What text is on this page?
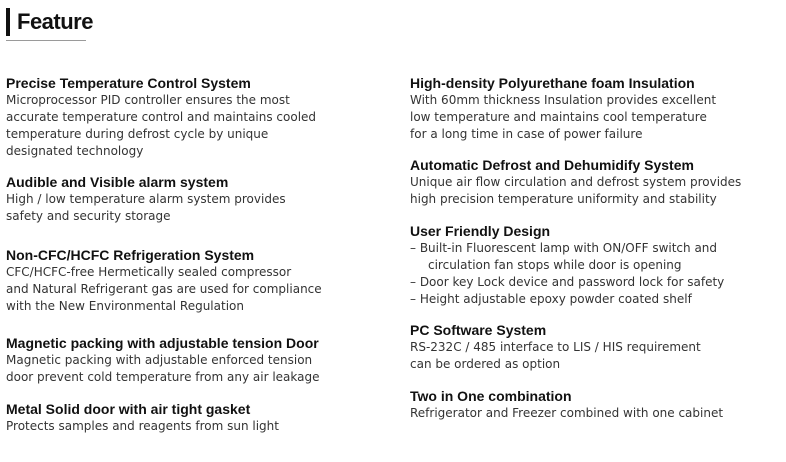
Feature
Precise Temperature Control System
Microprocessor PID controller ensures the most
accurate temperature control and maintains cooled
temperature during defrost cycle by unique
designated technology
Audible and Visible alarm system
High / low temperature alarm system provides
safety and security storage
Non-CFC/HCFC Refrigeration System
CFC/HCFC-free Hermetically sealed compressor
and Natural Refrigerant gas are used for compliance
with the New Environmental Regulation
Magnetic packing with adjustable tension Door
Magnetic packing with adjustable enforced tension
door prevent cold temperature from any air leakage
Metal Solid door with air tight gasket
Protects samples and reagents from sun light
High-density Polyurethane foam Insulation
With 60mm thickness Insulation provides excellent
low temperature and maintains cool temperature
for a long time in case of power failure
Automatic Defrost and Dehumidify System
Unique air flow circulation and defrost system provides
high precision temperature uniformity and stability
User Friendly Design
– Built-in Fluorescent lamp with ON/OFF switch and
circulation fan stops while door is opening
– Door key Lock device and password lock for safety
– Height adjustable epoxy powder coated shelf
PC Software System
RS-232C / 485 interface to LIS / HIS requirement
can be ordered as option
Two in One combination
Refrigerator and Freezer combined with one cabinet
